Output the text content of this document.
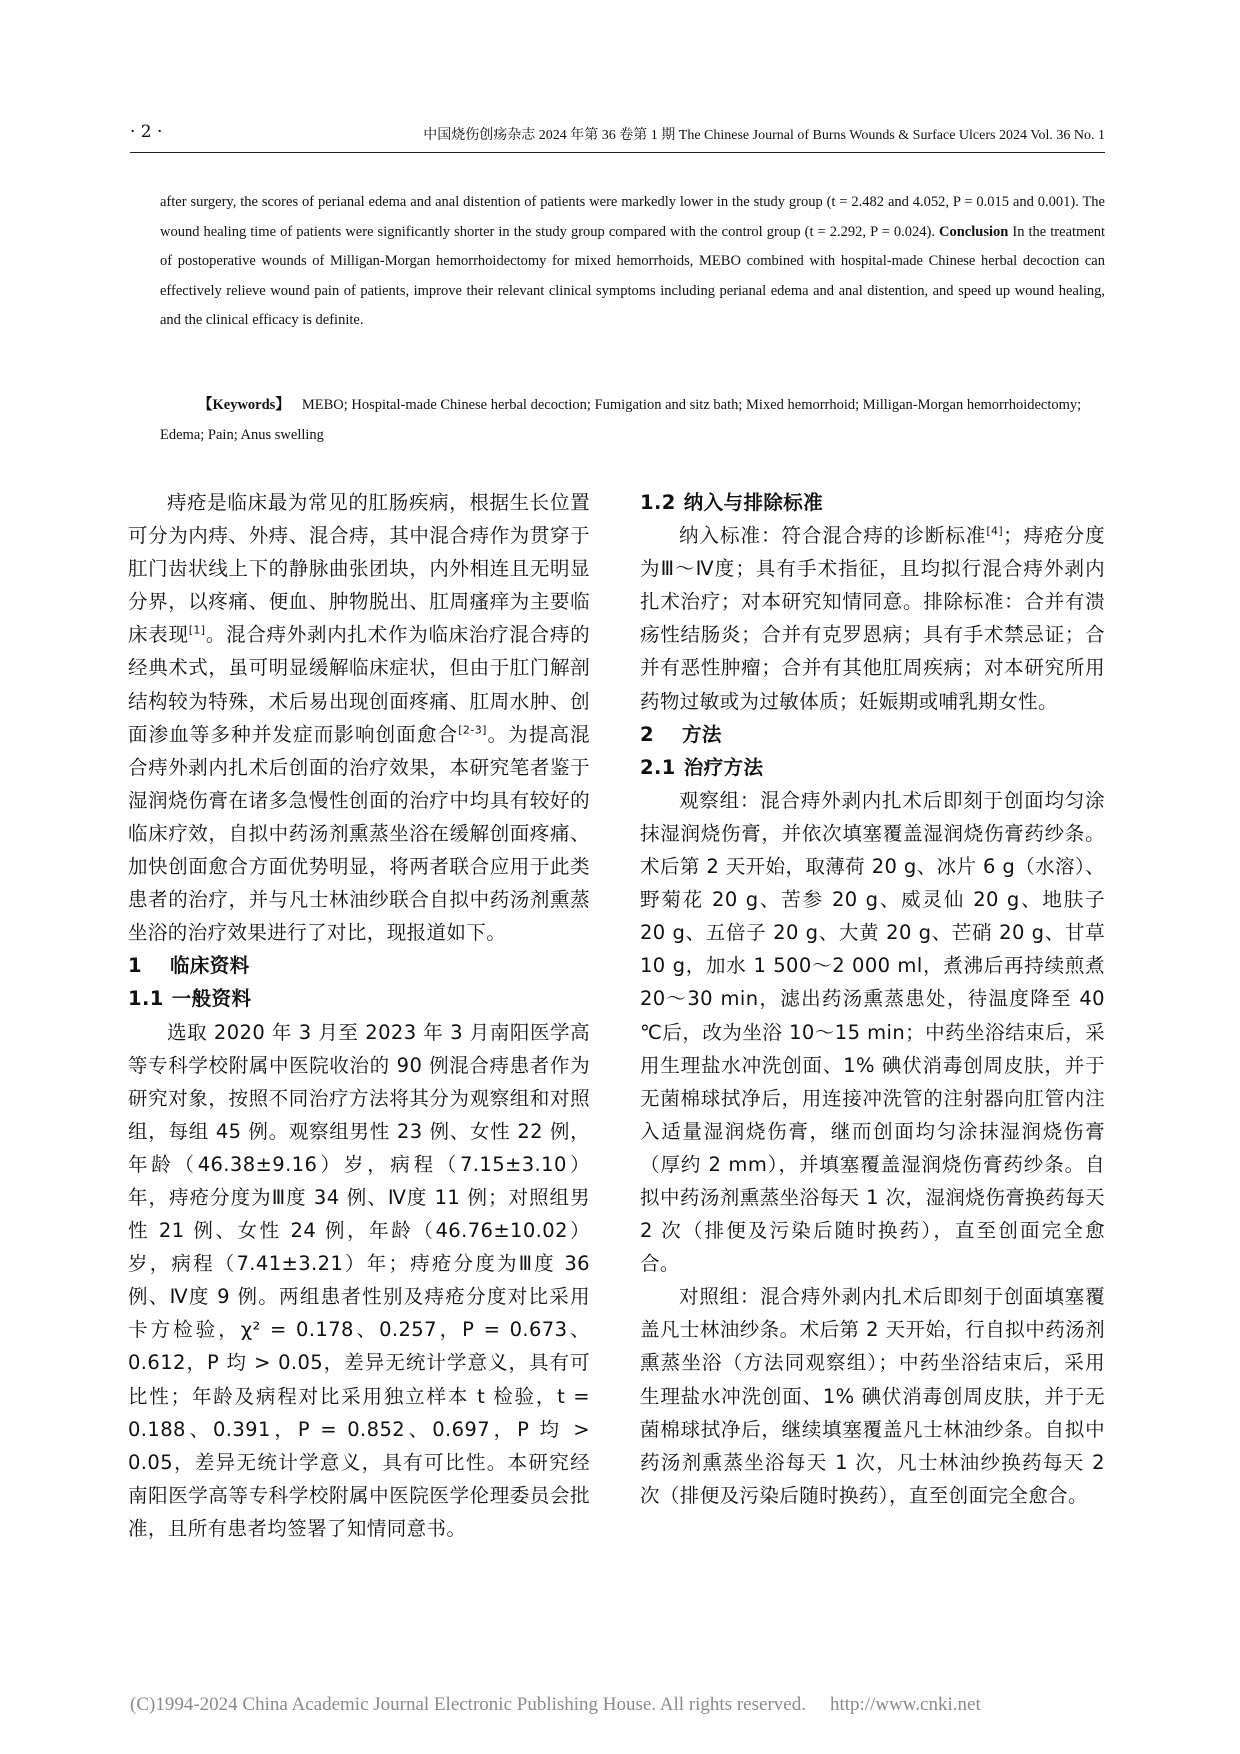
· 2 ·	中国烧伤创疡杂志 2024 年第 36 卷第 1 期 The Chinese Journal of Burns Wounds & Surface Ulcers 2024 Vol. 36 No. 1
after surgery, the scores of perianal edema and anal distention of patients were markedly lower in the study group (t = 2.482 and 4.052, P = 0.015 and 0.001). The wound healing time of patients were significantly shorter in the study group compared with the control group (t = 2.292, P = 0.024). Conclusion In the treatment of postoperative wounds of Milligan-Morgan hemorrhoidectomy for mixed hemorrhoids, MEBO combined with hospital-made Chinese herbal decoction can effectively relieve wound pain of patients, improve their relevant clinical symptoms including perianal edema and anal distention, and speed up wound healing, and the clinical efficacy is definite.
【Keywords】 MEBO; Hospital-made Chinese herbal decoction; Fumigation and sitz bath; Mixed hemorrhoid; Milligan-Morgan hemorrhoidectomy; Edema; Pain; Anus swelling

痔疮是临床最为常见的肛肠疾病，根据生长位置可分为内痔、外痔、混合痔，其中混合痔作为贯穿于肛门齿状线上下的静脉曲张团块，内外相连且无明显分界，以疼痛、便血、肿物脱出、肛周瘙痒为主要临床表现[1]。混合痔外剥内扎术作为临床治疗混合痔的经典术式，虽可明显缓解临床症状，但由于肛门解剖结构较为特殊，术后易出现创面疼痛、肛周水肿、创面渗血等多种并发症而影响创面愈合[2-3]。为提高混合痔外剥内扎术后创面的治疗效果，本研究笔者鉴于湿润烧伤膏在诸多急慢性创面的治疗中均具有较好的临床疗效，自拟中药汤剂熏蒸坐浴在缓解创面疼痛、加快创面愈合方面优势明显，将两者联合应用于此类患者的治疗，并与凡士林油纱联合自拟中药汤剂熏蒸坐浴的治疗效果进行了对比，现报道如下。

1 临床资料

1.1 一般资料

选取 2020 年 3 月至 2023 年 3 月南阳医学高等专科学校附属中医院收治的 90 例混合痔患者作为研究对象，按照不同治疗方法将其分为观察组和对照组，每组 45 例。观察组男性 23 例、女性 22 例，年龄（46.38±9.16）岁，病程（7.15±3.10）年，痔疮分度为Ⅲ度 34 例、Ⅳ度 11 例；对照组男性 21 例、女性 24 例，年龄（46.76±10.02）岁，病程（7.41±3.21）年；痔疮分度为Ⅲ度 36 例、Ⅳ度 9 例。两组患者性别及痔疮分度对比采用卡方检验，χ² = 0.178、0.257，P = 0.673、0.612，P 均 > 0.05，差异无统计学意义，具有可比性；年龄及病程对比采用独立样本 t 检验，t = 0.188、0.391，P = 0.852、0.697，P 均 > 0.05，差异无统计学意义，具有可比性。本研究经南阳医学高等专科学校附属中医院医学伦理委员会批准，且所有患者均签署了知情同意书。

1.2 纳入与排除标准

纳入标准：符合混合痔的诊断标准[4]；痔疮分度为Ⅲ～Ⅳ度；具有手术指征，且均拟行混合痔外剥内扎术治疗；对本研究知情同意。排除标准：合并有溃疡性结肠炎；合并有克罗恩病；具有手术禁忌证；合并有恶性肿瘤；合并有其他肛周疾病；对本研究所用药物过敏或为过敏体质；妊娠期或哺乳期女性。

2 方法

2.1 治疗方法

观察组：混合痔外剥内扎术后即刻于创面均匀涂抹湿润烧伤膏，并依次填塞覆盖湿润烧伤膏药纱条。术后第 2 天开始，取薄荷 20 g、冰片 6 g（水溶）、野菊花 20 g、苦参 20 g、威灵仙 20 g、地肤子 20 g、五倍子 20 g、大黄 20 g、芒硝 20 g、甘草 10 g，加水 1 500～2 000 ml，煮沸后再持续煎煮 20～30 min，滤出药汤熏蒸患处，待温度降至 40 ℃后，改为坐浴 10～15 min；中药坐浴结束后，采用生理盐水冲洗创面、1% 碘伏消毒创周皮肤，并于无菌棉球拭净后，用连接冲洗管的注射器向肛管内注入适量湿润烧伤膏，继而创面均匀涂抹湿润烧伤膏（厚约 2 mm），并填塞覆盖湿润烧伤膏药纱条。自拟中药汤剂熏蒸坐浴每天 1 次，湿润烧伤膏换药每天 2 次（排便及污染后随时换药），直至创面完全愈合。

对照组：混合痔外剥内扎术后即刻于创面填塞覆盖凡士林油纱条。术后第 2 天开始，行自拟中药汤剂熏蒸坐浴（方法同观察组）；中药坐浴结束后，采用生理盐水冲洗创面、1% 碘伏消毒创周皮肤，并于无菌棉球拭净后，继续填塞覆盖凡士林油纱条。自拟中药汤剂熏蒸坐浴每天 1 次，凡士林油纱换药每天 2 次（排便及污染后随时换药），直至创面完全愈合。

(C)1994-2024 China Academic Journal Electronic Publishing House. All rights reserved. http://www.cnki.net
